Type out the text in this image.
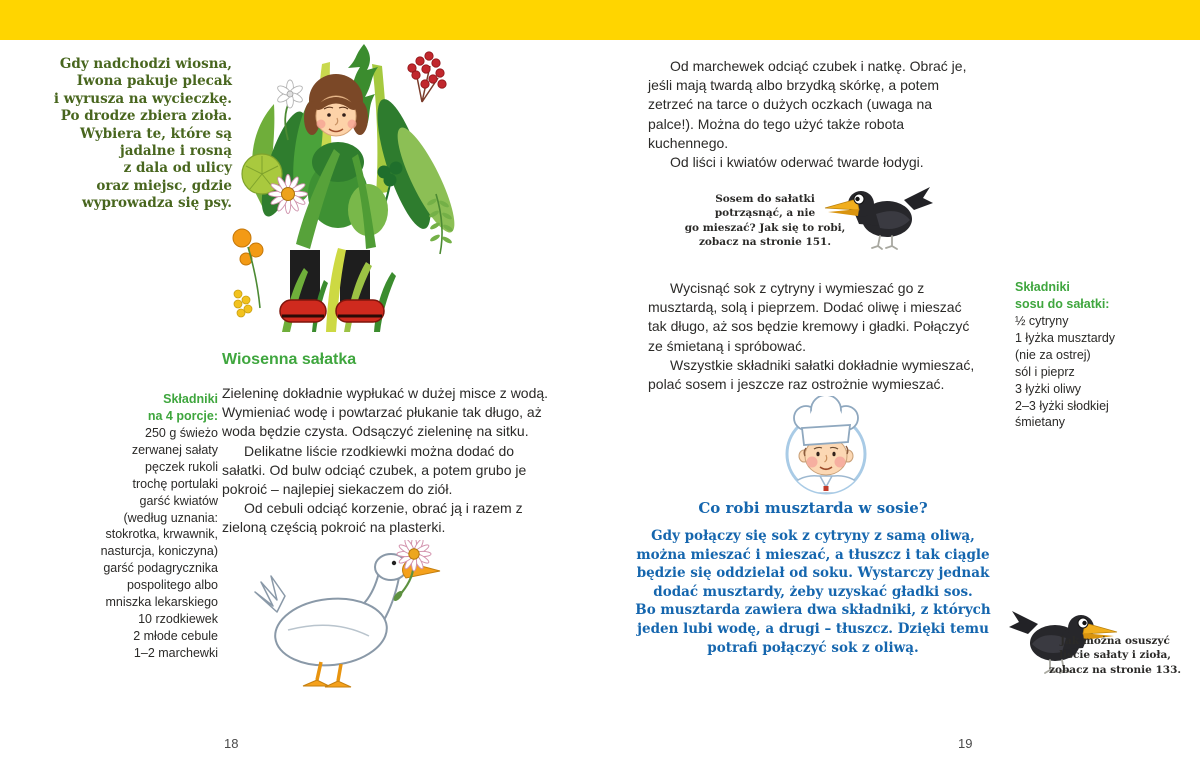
Gdy nadchodzi wiosna,
Iwona pakuje plecak
i wyrusza na wycieczkę.
Po drodze zbiera zioła.
Wybiera te, które są
jadalne i rosną
z dala od ulicy
oraz miejsc, gdzie
wyprowadza się psy.
Wiosenna sałatka

Zieleninę dokładnie wypłukać w dużej misce z wodą. Wymieniać wodę i powtarzać płukanie tak długo, aż woda będzie czysta. Odsączyć zieleninę na sitku.

Delikatne liście rzodkiewki można dodać do sałatki. Od bulw odciąć czubek, a potem grubo je pokroić – najlepiej siekaczem do ziół.

Od cebuli odciąć korzenie, obrać ją i razem z zieloną częścią pokroić na plasterki.

Składniki
na 4 porcje:
250 g świeżo
zerwanej sałaty
pęczek rukoli
trochę portulaki
garść kwiatów
(według uznania:
stokrotka, krwawnik,
nasturcja, koniczyna)
garść podagrycznika
pospolitego albo
mniszka lekarskiego
10 rzodkiewek
2 młode cebule
1–2 marchewki
18

Od marchewek odciąć czubek i natkę. Obrać je, jeśli mają twardą albo brzydką skórkę, a potem zetrzeć na tarce o dużych oczkach (uwaga na palce!). Można do tego użyć także robota kuchennego.

Od liści i kwiatów oderwać twarde łodygi.

Sosem do sałatki
potrząsnąć, a nie
go mieszać? Jak się to robi,
zobacz na stronie 151.

Wycisnąć sok z cytryny i wymieszać go z musztardą, solą i pieprzem. Dodać oliwę i mieszać tak długo, aż sos będzie kremowy i gładki. Połączyć ze śmietaną i spróbować.

Wszystkie składniki sałatki dokładnie wymieszać, polać sosem i jeszcze raz ostrożnie wymieszać.

Składniki
sosu do sałatki:
½ cytryny
1 łyżka musztardy
(nie za ostrej)
sól i pieprz
3 łyżki oliwy
2–3 łyżki słodkiej
śmietany
Co robi musztarda w sosie?
Gdy połączy się sok z cytryny z samą oliwą,
można mieszać i mieszać, a tłuszcz i tak ciągle
będzie się oddzielał od soku. Wystarczy jednak
dodać musztardy, żeby uzyskać gładki sos.
Bo musztarda zawiera dwa składniki, z których
jeden lubi wodę, a drugi – tłuszcz. Dzięki temu
potrafi połączyć sok z oliwą.	Jak można osuszyć
liście sałaty i zioła,
zobacz na stronie 133.
19
